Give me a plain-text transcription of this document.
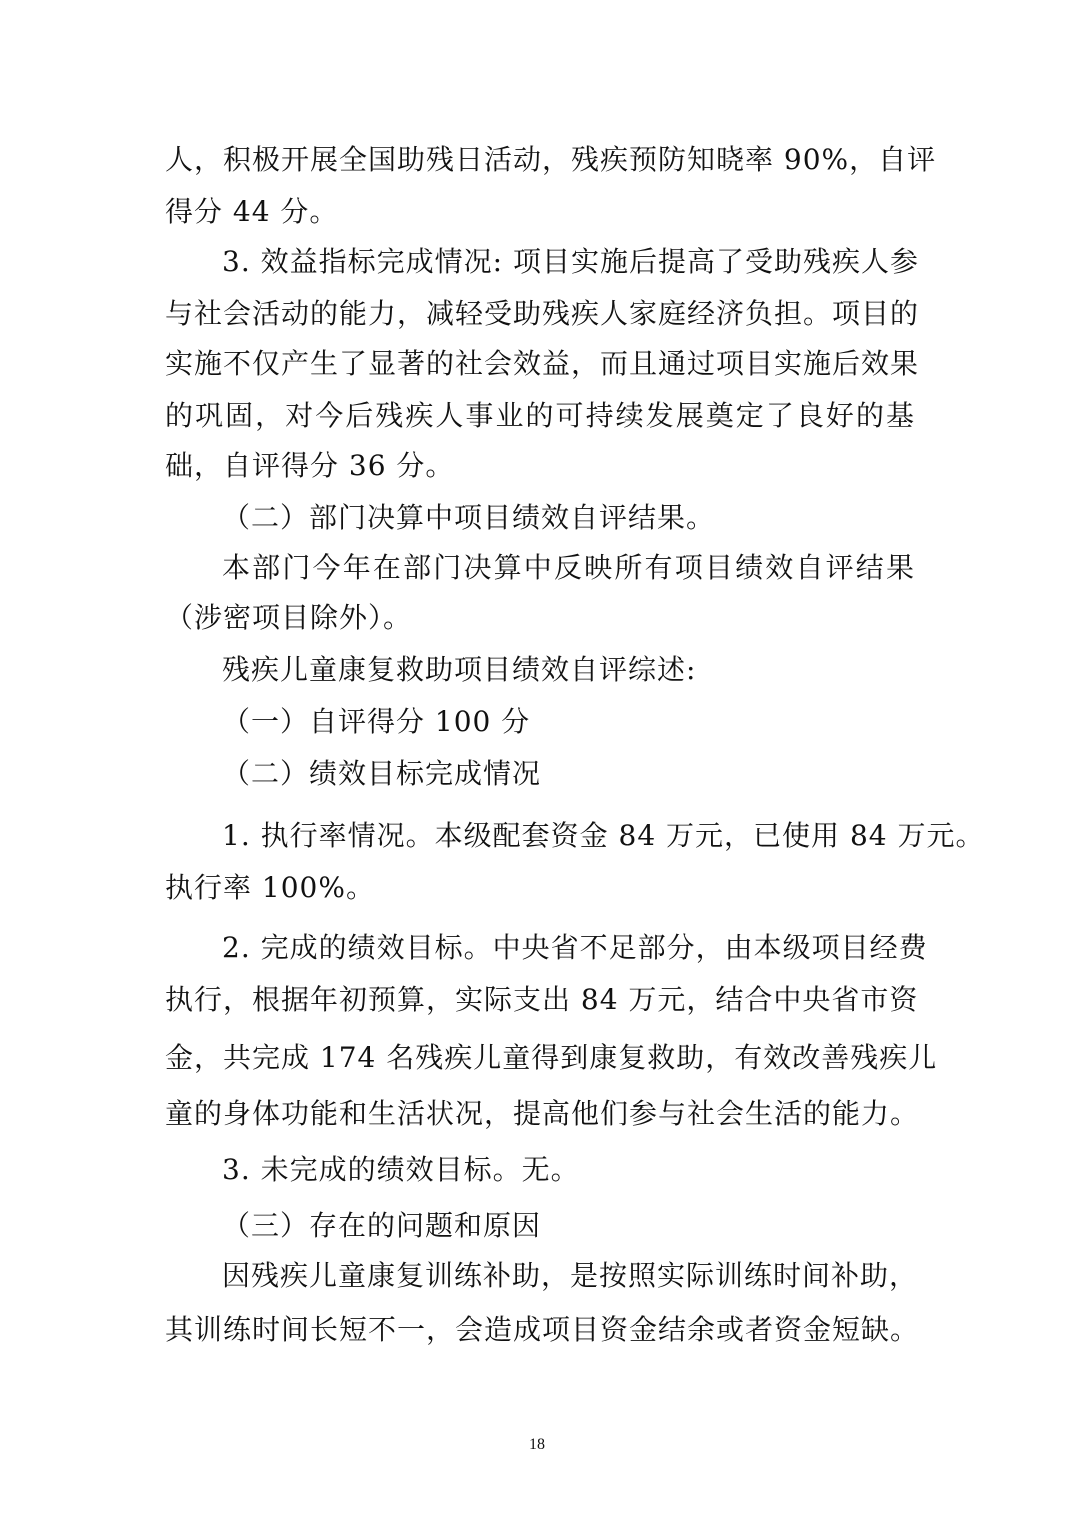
人，积极开展全国助残日活动，残疾预防知晓率 90%，自评
得分 44 分。
3. 效益指标完成情况: 项目实施后提高了受助残疾人参
与社会活动的能力，减轻受助残疾人家庭经济负担。项目的
实施不仅产生了显著的社会效益，而且通过项目实施后效果
的巩固，对今后残疾人事业的可持续发展奠定了良好的基
础，自评得分 36 分。
（二）部门决算中项目绩效自评结果。
本部门今年在部门决算中反映所有项目绩效自评结果
（涉密项目除外）。
残疾儿童康复救助项目绩效自评综述:
（一）自评得分 100 分
（二）绩效目标完成情况
1. 执行率情况。本级配套资金 84 万元，已使用 84 万元。
执行率 100%。
2. 完成的绩效目标。中央省不足部分，由本级项目经费
执行，根据年初预算，实际支出 84 万元，结合中央省市资
金，共完成 174 名残疾儿童得到康复救助，有效改善残疾儿
童的身体功能和生活状况，提高他们参与社会生活的能力。
3. 未完成的绩效目标。无。
（三）存在的问题和原因
因残疾儿童康复训练补助，是按照实际训练时间补助，
其训练时间长短不一，会造成项目资金结余或者资金短缺。
18
